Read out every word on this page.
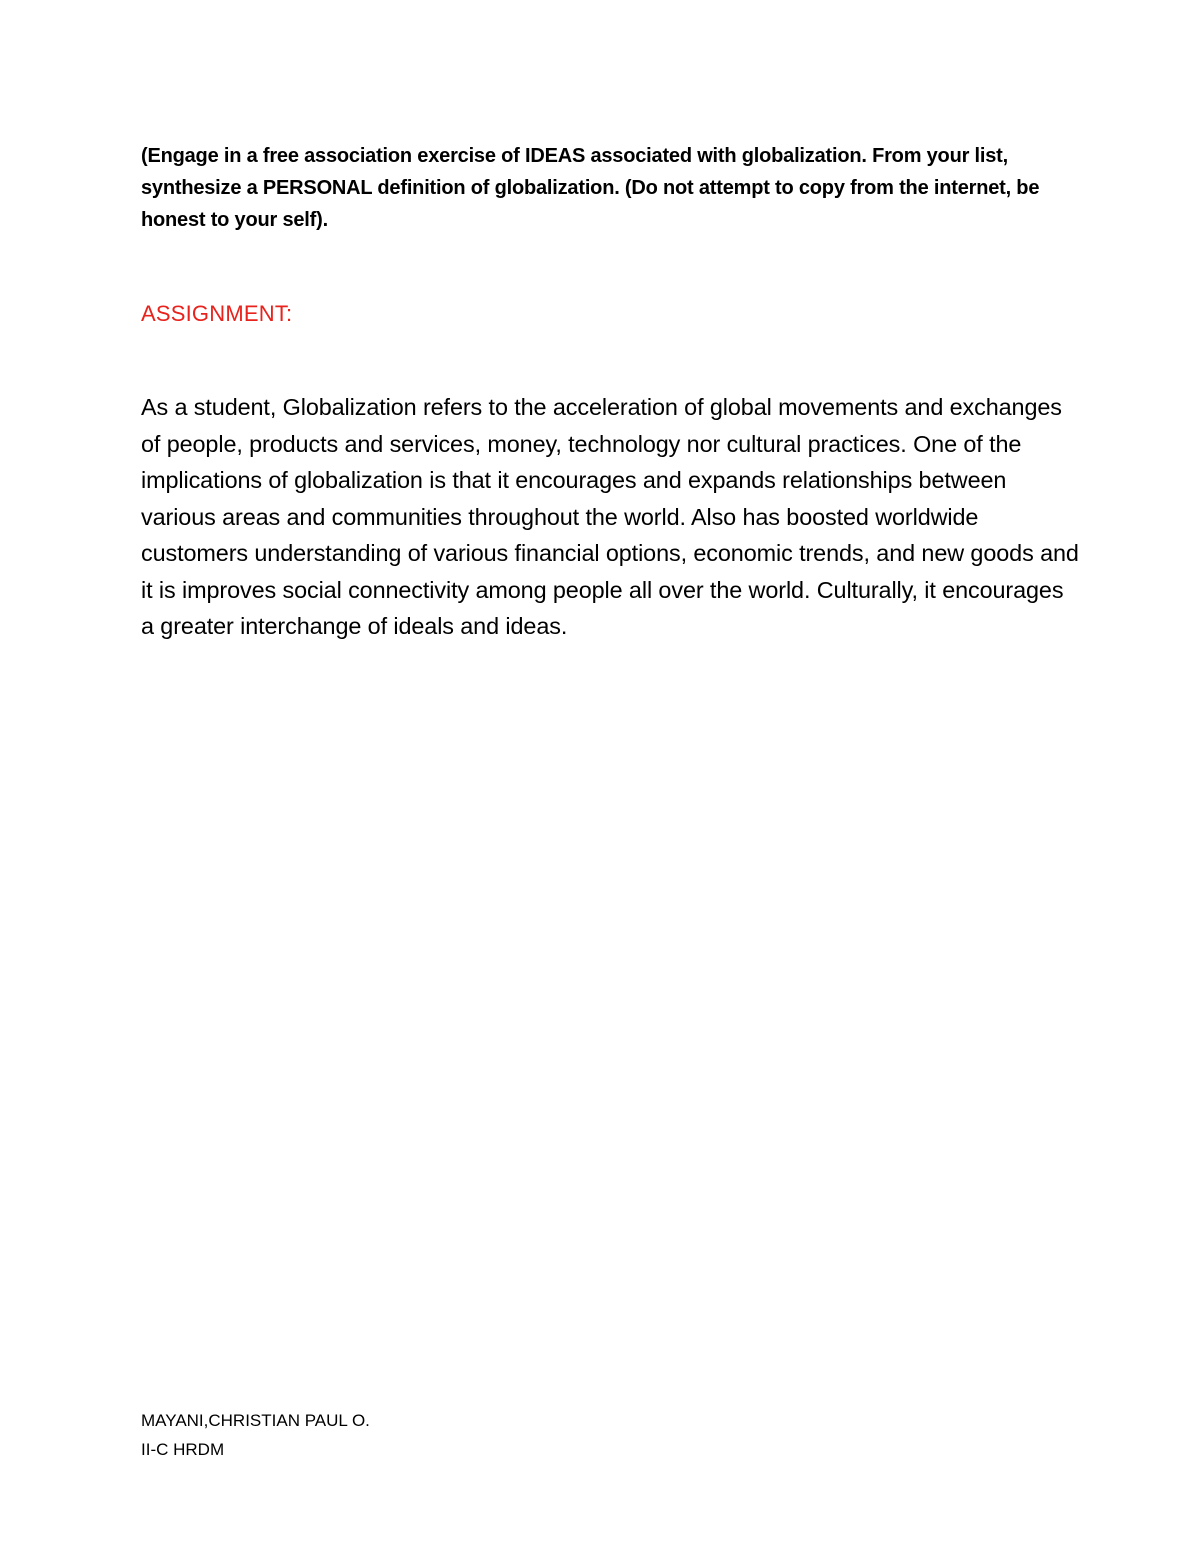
(Engage in a free association exercise of IDEAS associated with globalization. From your list, synthesize a PERSONAL definition of globalization. (Do not attempt to copy from the internet, be honest to your self).
ASSIGNMENT:

As a student, Globalization refers to the acceleration of global movements and exchanges of people, products and services, money, technology nor cultural practices. One of the implications of globalization is that it encourages and expands relationships between various areas and communities throughout the world. Also has boosted worldwide customers understanding of various financial options, economic trends, and new goods and it is improves social connectivity among people all over the world. Culturally, it encourages a greater interchange of ideals and ideas.

MAYANI,CHRISTIAN PAUL O.
II-C HRDM
